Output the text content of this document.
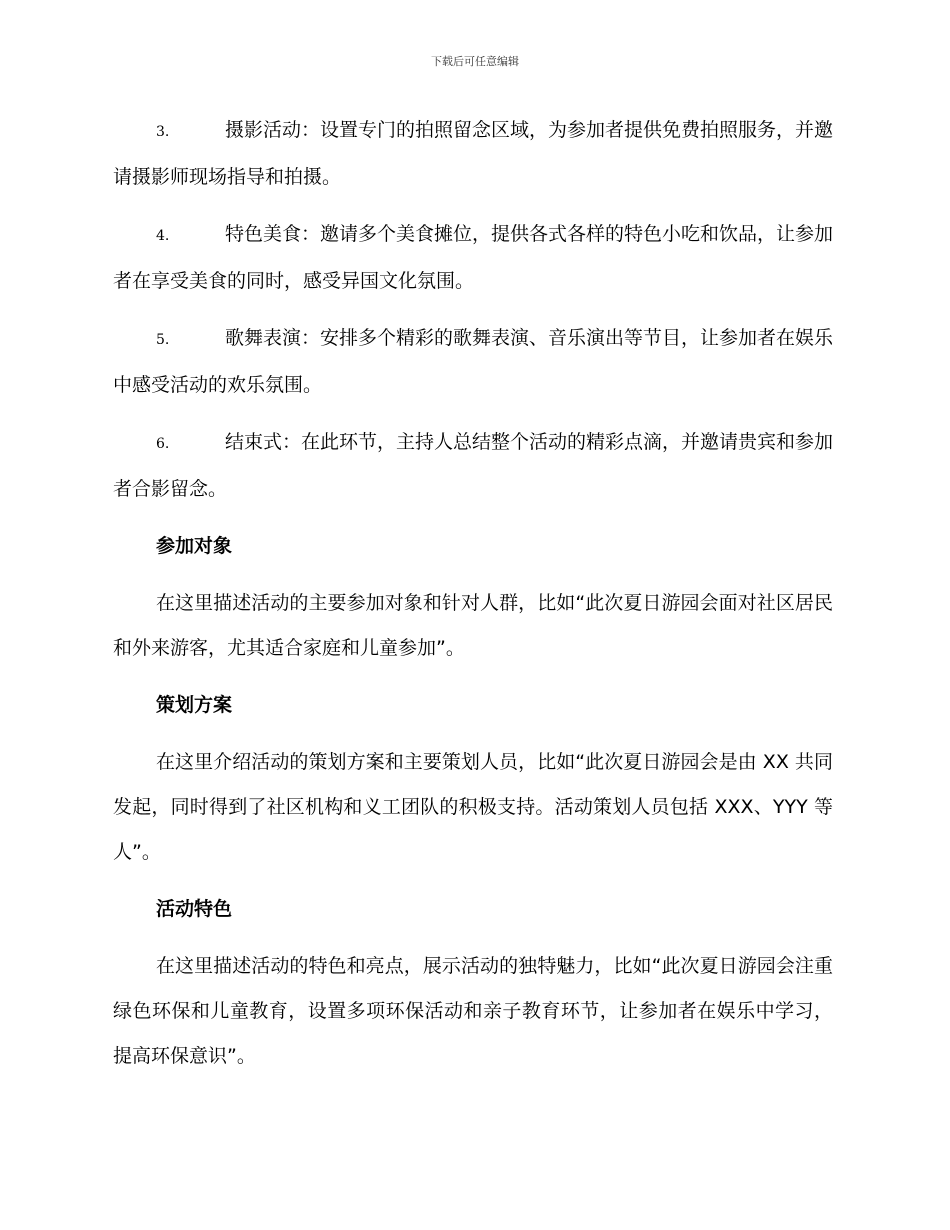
下载后可任意编辑

3.	摄影活动：设置专门的拍照留念区域，为参加者提供免费拍照服务，并邀请摄影师现场指导和拍摄。

4.	特色美食：邀请多个美食摊位，提供各式各样的特色小吃和饮品，让参加者在享受美食的同时，感受异国文化氛围。

5.	歌舞表演：安排多个精彩的歌舞表演、音乐演出等节目，让参加者在娱乐中感受活动的欢乐氛围。

6.	结束式：在此环节，主持人总结整个活动的精彩点滴，并邀请贵宾和参加者合影留念。

参加对象

在这里描述活动的主要参加对象和针对人群，比如“此次夏日游园会面对社区居民和外来游客，尤其适合家庭和儿童参加”。

策划方案

在这里介绍活动的策划方案和主要策划人员，比如“此次夏日游园会是由 XX 共同发起，同时得到了社区机构和义工团队的积极支持。活动策划人员包括 XXX、YYY 等人”。

活动特色

在这里描述活动的特色和亮点，展示活动的独特魅力，比如“此次夏日游园会注重绿色环保和儿童教育，设置多项环保活动和亲子教育环节，让参加者在娱乐中学习，提高环保意识”。
